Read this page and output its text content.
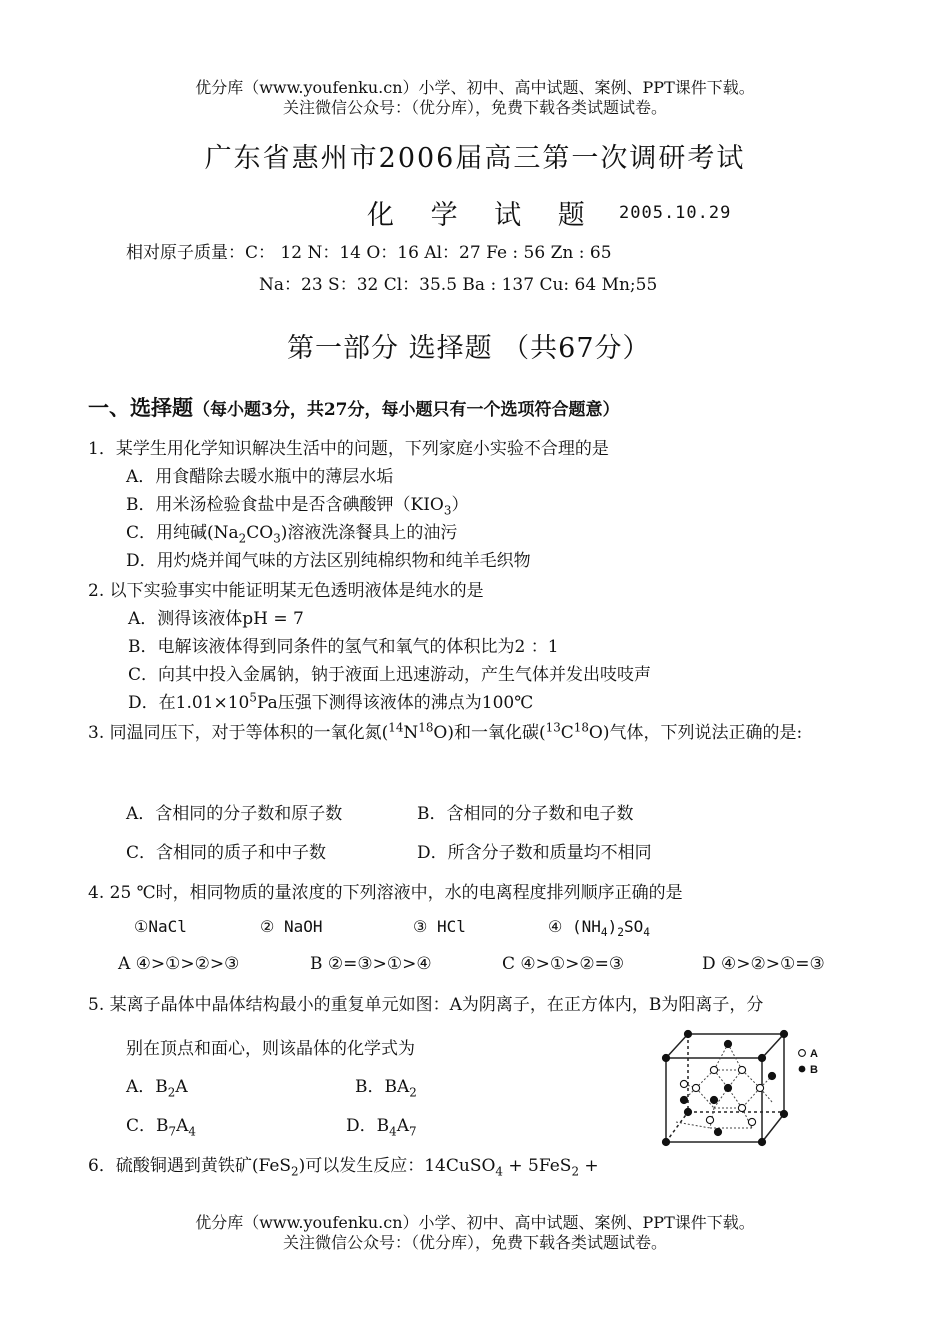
优分库（www.youfenku.cn）小学、初中、高中试题、案例、PPT课件下载。
关注微信公众号：（优分库），免费下载各类试题试卷。
广东省惠州市2006届高三第一次调研考试
化 学 试 题 2005.10.29
相对原子质量：C： 12 N：14 O：16 Al：27 Fe : 56 Zn : 65
Na：23 S：32 Cl：35.5 Ba : 137 Cu: 64 Mn;55
第一部分 选择题 （共67分）
一、选择题（每小题3分，共27分，每小题只有一个选项符合题意）
1．某学生用化学知识解决生活中的问题，下列家庭小实验不合理的是
A．用食醋除去暖水瓶中的薄层水垢
B．用米汤检验食盐中是否含碘酸钾$(KIO_3)$
C．用纯碱$(Na_2CO_3)$溶液洗涤餐具上的油污
D．用灼烧并闻气味的方法区别纯棉织物和纯羊毛织物
2. 以下实验事实中能证明某无色透明液体是纯水的是
A．测得该液体pH = 7
B．电解该液体得到同条件的氢气和氧气的体积比为2 ：1
C．向其中投入金属钠，钠于液面上迅速游动，产生气体并发出吱吱声
D．在$1.01\times 10^5Pa$压强下测得该液体的沸点为100℃
3. 同温同压下，对于等体积的一氧化氮$(^{14}N^{18}O)$和一氧化碳$(^{13}C^{18}O)$气体，下列说法正确的是:
A．含相同的分子数和原子数	B．含相同的分子数和电子数
C．含相同的质子和中子数	D．所含分子数和质量均不相同
4. 25 ℃时，相同物质的量浓度的下列溶液中，水的电离程度排列顺序正确的是
①NaCl	② NaOH	③ HCl	④ $(NH_4)_2SO_4$
A ④>①>②>③	B ②=③>①>④	C ④>①>②=③	D ④>②>①=③
5. 某离子晶体中晶体结构最小的重复单元如图：A为阴离子，在正方体内，B为阳离子，分
别在顶点和面心，则该晶体的化学式为
A．$B_2A$	B．$BA_2$
C．$B_7A_4$	D．$B_4A_7$
A
B
6．硫酸铜遇到黄铁矿(FeS$_2$)可以发生反应：14CuSO$_4$ + 5FeS$_2$ +
优分库（www.youfenku.cn）小学、初中、高中试题、案例、PPT课件下载。
关注微信公众号：（优分库），免费下载各类试题试卷。
